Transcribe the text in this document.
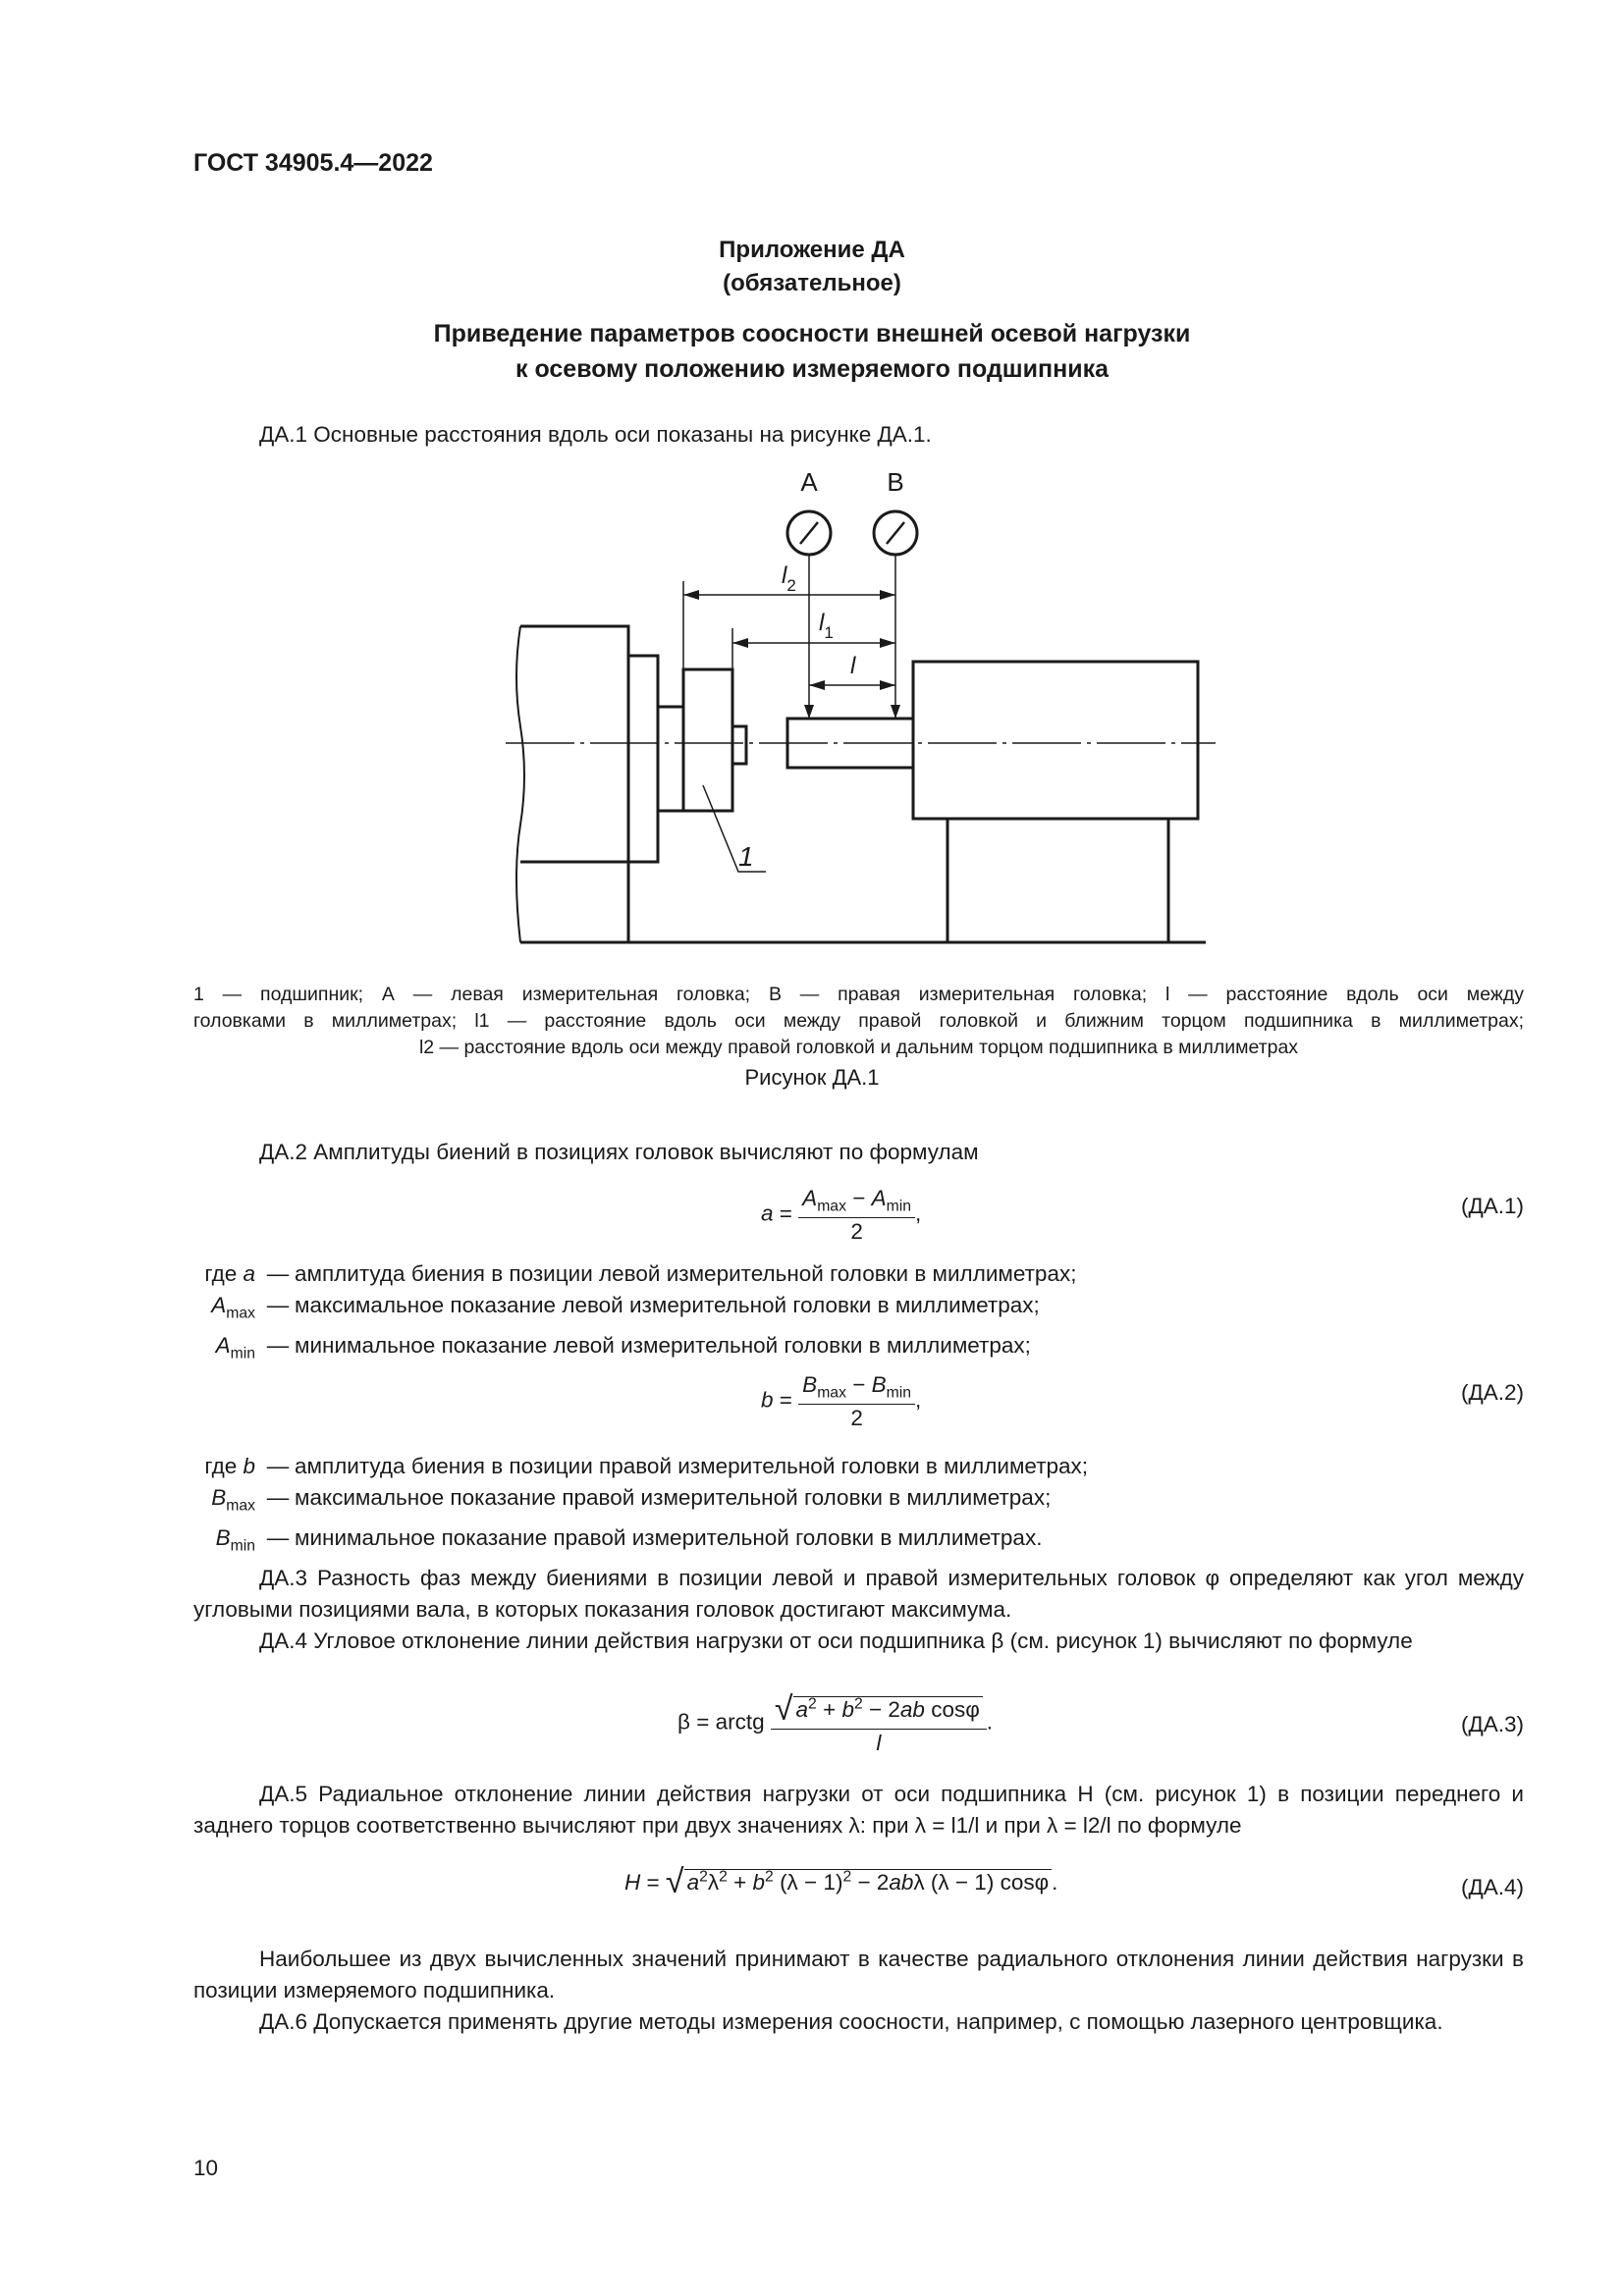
ГОСТ 34905.4—2022
Приложение ДА
(обязательное)
Приведение параметров соосности внешней осевой нагрузки
к осевому положению измеряемого подшипника
ДА.1 Основные расстояния вдоль оси показаны на рисунке ДА.1.
A	B
$l_2$
$l_1$
l
1
1 — подшипник; А — левая измерительная головка; В — правая измерительная головка; l — расстояние вдоль оси между
головками в миллиметрах; l1 — расстояние вдоль оси между правой головкой и ближним торцом подшипника в миллиметрах;
l2 — расстояние вдоль оси между правой головкой и дальним торцом подшипника в миллиметрах
Рисунок ДА.1
ДА.2 Амплитуды биений в позициях головок вычисляют по формулам
$a = \frac{A_{max} - A_{min}}{2}$ ,	(ДА.1)
где a — амплитуда биения в позиции левой измерительной головки в миллиметрах;
$A_{max}$ — максимальное показание левой измерительной головки в миллиметрах;
$A_{min}$ — минимальное показание левой измерительной головки в миллиметрах;
$b = \frac{B_{max} - B_{min}}{2}$ ,	(ДА.2)
где b — амплитуда биения в позиции правой измерительной головки в миллиметрах;
$B_{max}$ — максимальное показание правой измерительной головки в миллиметрах;
$B_{min}$ — минимальное показание правой измерительной головки в миллиметрах.
ДА.3 Разность фаз между биениями в позиции левой и правой измерительных головок φ определяют как угол между угловыми позициями вала, в которых показания головок достигают максимума.
ДА.4 Угловое отклонение линии действия нагрузки от оси подшипника β (см. рисунок 1) вычисляют по формуле
β = arctg $\frac{√ a^2 + b^2 - 2ab \cos\varphi}{l}$ .	(ДА.3)
ДА.5 Радиальное отклонение линии действия нагрузки от оси подшипника H (см. рисунок 1) в позиции переднего и заднего торцов соответственно вычисляют при двух значениях λ: при λ = l1/l и при λ = l2/l по формуле
H = √ $a^2\lambda^2 + b^2$ $(\lambda - 1)^2 - 2ab\lambda$ (λ − 1) cosφ .	(ДА.4)
Наибольшее из двух вычисленных значений принимают в качестве радиального отклонения линии действия нагрузки в позиции измеряемого подшипника.
ДА.6 Допускается применять другие методы измерения соосности, например, с помощью лазерного центровщика.
10
